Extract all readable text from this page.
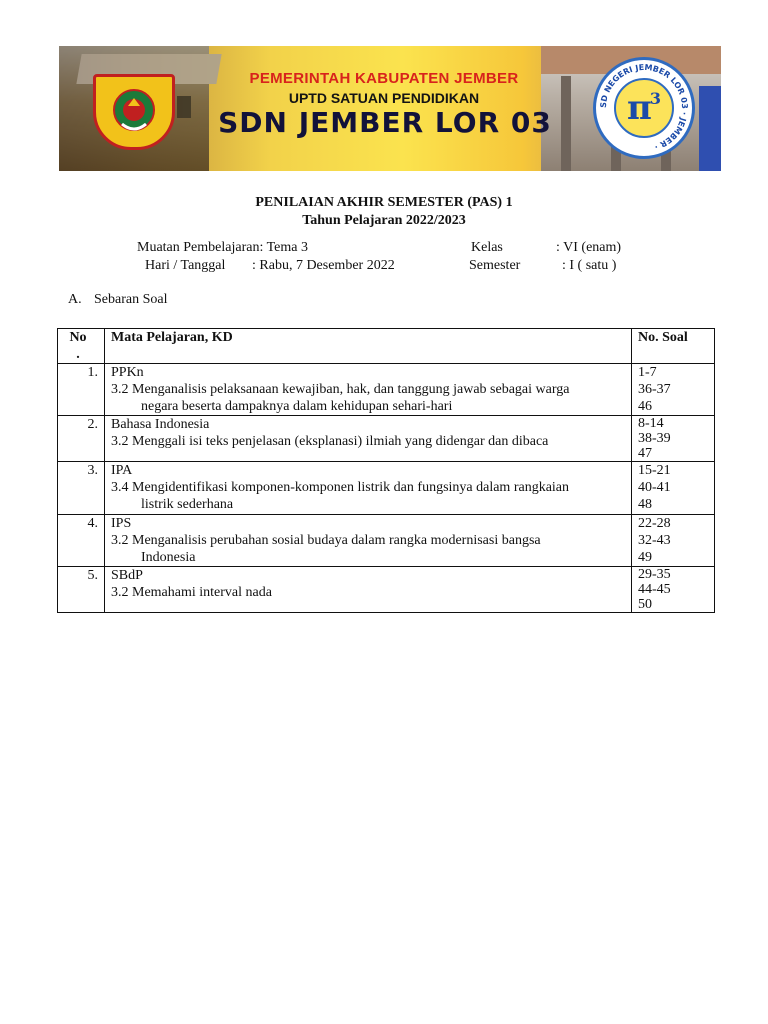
PEMERINTAH KABUPATEN JEMBER
UPTD SATUAN PENDIDIKAN
SDN JEMBER LOR 03
SD NEGERI JEMBER LOR 03 · JEMBER ·
π
$^3$
PENILAIAN AKHIR SEMESTER (PAS) 1
Tahun Pelajaran 2022/2023
Muatan Pembelajaran: Tema 3	Kelas	: VI (enam)
Hari / Tanggal : Rabu, 7 Desember 2022	Semester	: I ( satu )
A. Sebaran Soal
No
.	Mata Pelajaran, KD	No. Soal
1.	PPKn
3.2 Menganalisis pelaksanaan kewajiban, hak, dan tanggung jawab sebagai warga
negara beserta dampaknya dalam kehidupan sehari-hari	1-7
36-37
46

2.	Bahasa Indonesia
3.2 Menggali isi teks penjelasan (eksplanasi) ilmiah yang didengar dan dibaca	8-14
38-39
47

3.	IPA
3.4 Mengidentifikasi komponen-komponen listrik dan fungsinya dalam rangkaian
listrik sederhana	15-21
40-41
48

4.	IPS
3.2 Menganalisis perubahan sosial budaya dalam rangka modernisasi bangsa
Indonesia	22-28
32-43
49

5.	SBdP
3.2 Memahami interval nada	29-35
44-45
50
